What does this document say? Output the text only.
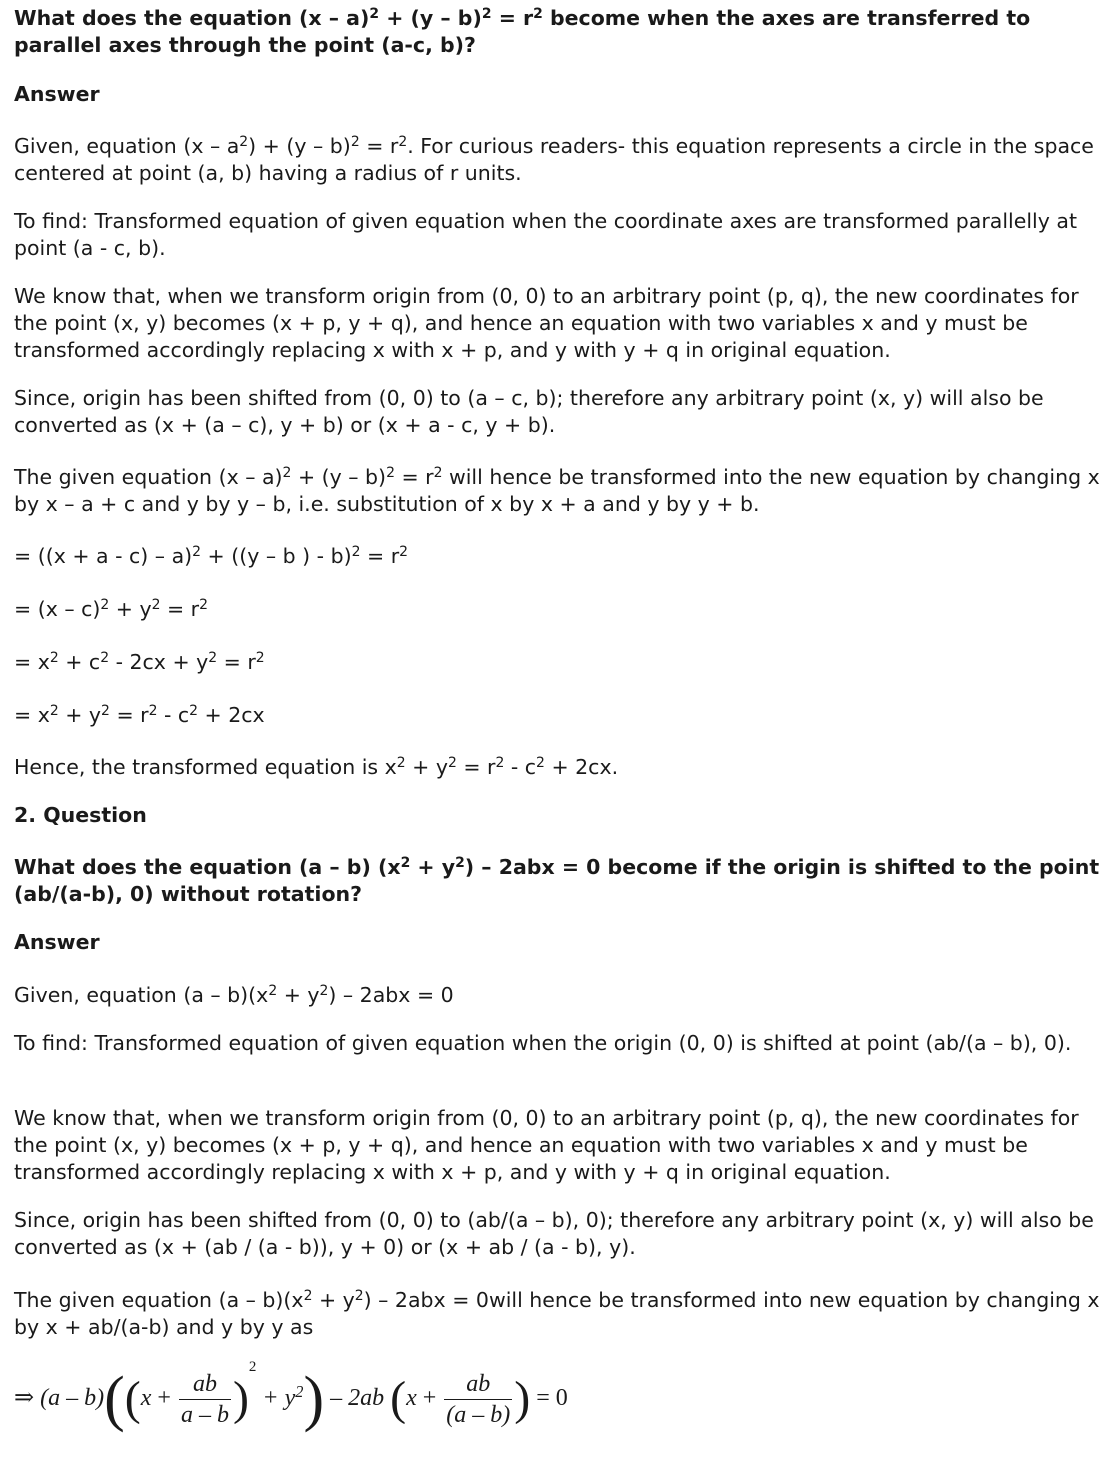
What does the equation $(x - a)^2 + (y - b)^2 = r^2$ become when the axes are transferred to parallel axes through the point (a-c, b)?

Answer

Given, equation $(x - a^2) + (y - b)^2 = r^2$. For curious readers- this equation represents a circle in the space centered at point (a, b) having a radius of r units.

To find: Transformed equation of given equation when the coordinate axes are transformed parallelly at point (a - c, b).

We know that, when we transform origin from (0, 0) to an arbitrary point (p, q), the new coordinates for the point (x, y) becomes (x + p, y + q), and hence an equation with two variables x and y must be transformed accordingly replacing x with x + p, and y with y + q in original equation.

Since, origin has been shifted from (0, 0) to (a – c, b); therefore any arbitrary point (x, y) will also be converted as (x + (a – c), y + b) or (x + a - c, y + b).

The given equation $(x - a)^2 + (y - b)^2 = r^2$ will hence be transformed into the new equation by changing x by x – a + c and y by y – b, i.e. substitution of x by x + a and y by y + b.

= $((x + a - c) - a)^2 + ((y - b$ ) - $b)^2 = r^2$

= $(x - c)^2 + y^2 = r^2$

= $x^2 + c^2 - 2cx + y^2 = r^2$

= $x^2 + y^2 = r^2 - c^2 + 2cx$

Hence, the transformed equation is $x^2 + y^2 = r^2 - c^2 + 2cx$.

2. Question

What does the equation (a – b) $(x^2 + y^2) - 2abx = 0$ become if the origin is shifted to the point (ab/(a-b), 0) without rotation?

Answer

Given, equation $(a - b)(x^2 + y^2) - 2abx = 0$

To find: Transformed equation of given equation when the origin (0, 0) is shifted at point (ab/(a – b), 0).

We know that, when we transform origin from (0, 0) to an arbitrary point (p, q), the new coordinates for the point (x, y) becomes (x + p, y + q), and hence an equation with two variables x and y must be transformed accordingly replacing x with x + p, and y with y + q in original equation.

Since, origin has been shifted from (0, 0) to (ab/(a – b), 0); therefore any arbitrary point (x, y) will also be converted as (x + (ab / (a - b)), y + 0) or (x + ab / (a - b), y).

The given equation $(a - b)(x^2 + y^2) - 2abx$ = 0will hence be transformed into new equation by changing x by x + ab/(a-b) and y by y as

⇒ $(a - b)((x + \frac{ab}{a - b} )^2 + y^2) - 2ab$ ($x + \frac{ab}{(a - b)}$ ) = 0
